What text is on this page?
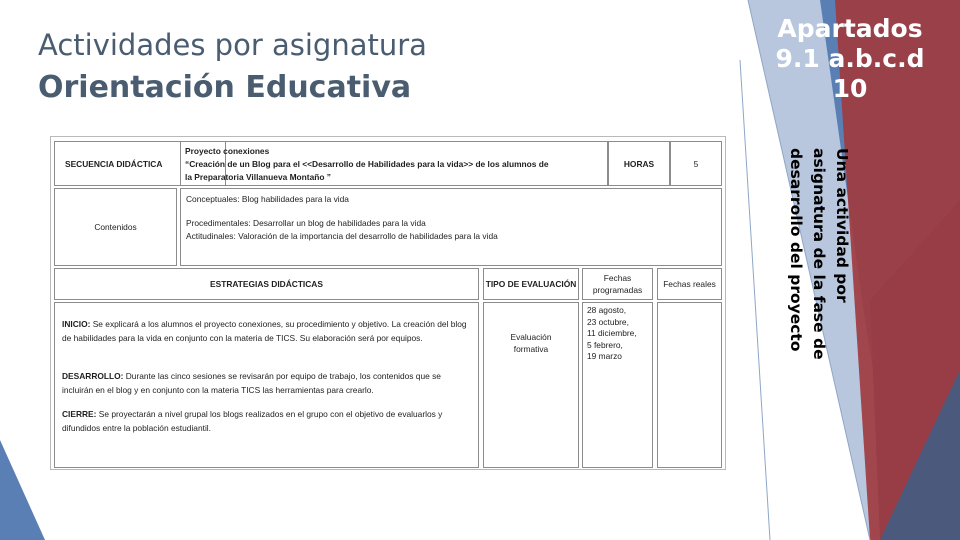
Actividades por asignatura
Orientación Educativa
Apartados
9.1 a.b.c.d
10
Una actividad por asignatura de la fase de desarrollo del proyecto
SECUENCIA DIDÁCTICA
Proyecto conexiones
“Creación de un Blog para el <<Desarrollo de Habilidades para la vida>> de los alumnos de
la Preparatoria Villanueva Montaño ”
HORAS	5
Contenidos
Conceptuales: Blog habilidades para la vida
Procedimentales: Desarrollar un blog de habilidades para la vida
Actitudinales: Valoración de la importancia del desarrollo de habilidades para la vida
ESTRATEGIAS DIDÁCTICAS	TIPO DE EVALUACIÓN
Fechas programadas
Fechas reales

INICIO: Se explicará a los alumnos el proyecto conexiones, su procedimiento y objetivo. La creación del blog de habilidades para la vida en conjunto con la materia de TICS. Su elaboración será por equipos.

DESARROLLO: Durante las cinco sesiones se revisarán por equipo de trabajo, los contenidos que se incluirán en el blog y en conjunto con la materia TICS las herramientas para crearlo.

CIERRE: Se proyectarán a nivel grupal los blogs realizados en el grupo con el objetivo de evaluarlos y difundidos entre la población estudiantil.

Evaluación
formativa
28 agosto,
23 octubre,
11 diciembre,
5 febrero,
19 marzo
